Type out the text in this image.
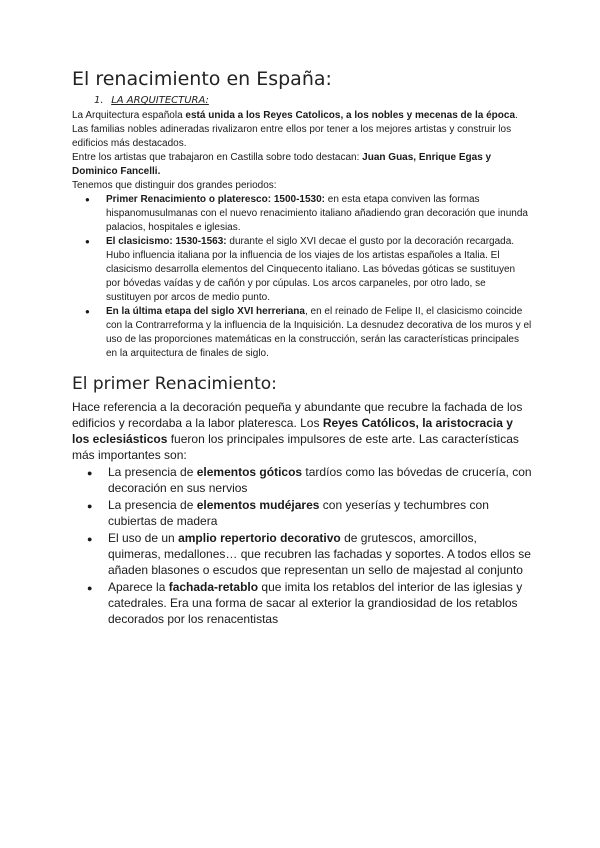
El renacimiento en España:
1. LA ARQUITECTURA:

La Arquitectura española está unida a los Reyes Catolicos, a los nobles y mecenas de la época. Las familias nobles adineradas rivalizaron entre ellos por tener a los mejores artistas y construir los edificios más destacados.

Entre los artistas que trabajaron en Castilla sobre todo destacan: Juan Guas, Enrique Egas y Dominico Fancelli.

Tenemos que distinguir dos grandes periodos:

● Primer Renacimiento o plateresco: 1500-1530: en esta etapa conviven las formas hispanomusulmanas con el nuevo renacimiento italiano añadiendo gran decoración que inunda palacios, hospitales e iglesias.
● El clasicismo: 1530-1563: durante el siglo XVI decae el gusto por la decoración recargada. Hubo influencia italiana por la influencia de los viajes de los artistas españoles a Italia. El clasicismo desarrolla elementos del Cinquecento italiano. Las bóvedas góticas se sustituyen por bóvedas vaídas y de cañón y por cúpulas. Los arcos carpaneles, por otro lado, se sustituyen por arcos de medio punto.
● En la última etapa del siglo XVI herreriana, en el reinado de Felipe II, el clasicismo coincide con la Contrarreforma y la influencia de la Inquisición. La desnudez decorativa de los muros y el uso de las proporciones matemáticas en la construcción, serán las características principales en la arquitectura de finales de siglo.
El primer Renacimiento:

Hace referencia a la decoración pequeña y abundante que recubre la fachada de los edificios y recordaba a la labor plateresca. Los Reyes Católicos, la aristocracia y los eclesiásticos fueron los principales impulsores de este arte. Las características más importantes son:

● La presencia de elementos góticos tardíos como las bóvedas de crucería, con decoración en sus nervios
● La presencia de elementos mudéjares con yeserías y techumbres con cubiertas de madera
● El uso de un amplio repertorio decorativo de grutescos, amorcillos, quimeras, medallones… que recubren las fachadas y soportes. A todos ellos se añaden blasones o escudos que representan un sello de majestad al conjunto
● Aparece la fachada-retablo que imita los retablos del interior de las iglesias y catedrales. Era una forma de sacar al exterior la grandiosidad de los retablos decorados por los renacentistas
